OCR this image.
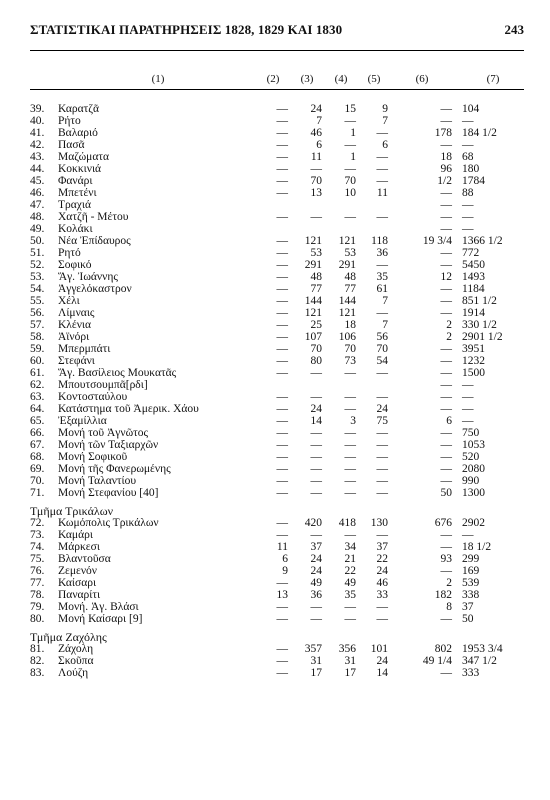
ΣΤΑΤΙΣΤΙΚΑΙ ΠΑΡΑΤΗΡΗΣΕΙΣ 1828, 1829 ΚΑΙ 1830	243
	(1)	(2)	(3)	(4)	(5)	(6)	(7)

39.	Καρατζᾶ	—	24	15	9	—	104
40.	Ρήτο	—	7	—	7	—	—
41.	Βαλαριό	—	46	1	—	178	184 1/2
42.	Πασᾶ	—	6	—	6	—	—
43.	Μαζώματα	—	11	1	—	18	68
44.	Κοκκινιά	—	—	—	—	96	180
45.	Φανάρι	—	70	70	—	1/2	1784
46.	Μπετένι	—	13	10	11	—	88
47.	Τραχιά					—	—
48.	Χατζῆ - Μέτου	—	—	—	—	—	—
49.	Κολάκι					—	—
50.	Νέα Ἐπίδαυρος	—	121	121	118	19 3/4	1366 1/2
51.	Ρητό	—	53	53	36	—	772
52.	Σοφικό	—	291	291	—	—	5450
53.	Ἅγ. Ἰωάννης	—	48	48	35	12	1493
54.	Ἀγγελόκαστρον	—	77	77	61	—	1184
55.	Χέλι	—	144	144	7	—	851 1/2
56.	Λίμναις	—	121	121	—	—	1914
57.	Κλένια	—	25	18	7	2	330 1/2
58.	Ἀϊνόρι	—	107	106	56	2	2901 1/2
59.	Μπερμπάτι	—	70	70	70	—	3951
60.	Στεφάνι	—	80	73	54	—	1232
61.	Ἅγ. Βασίλειος Μουκατᾶς	—	—	—	—	—	1500
62.	Μπουτσουμπᾶ[ρδι]					—	—
63.	Κοντοσταύλου	—	—	—	—	—	—
64.	Κατάστημα τοῦ Ἀμερικ. Χάου	—	24	—	24	—	—
65.	Ἐξαμίλλια	—	14	3	75	6	—
66.	Μονή τοῦ Ἀγνῶτος	—	—	—	—	—	750
67.	Μονή τῶν Ταξιαρχῶν	—	—	—	—	—	1053
68.	Μονή Σοφικοῦ	—	—	—	—	—	520
69.	Μονή τῆς Φανερωμένης	—	—	—	—	—	2080
70.	Μονή Ταλαντίου	—	—	—	—	—	990
71.	Μονή Στεφανίου [40]	—	—	—	—	50	1300
Τμῆμα Τρικάλων							
72.	Κωμόπολις Τρικάλων	—	420	418	130	676	2902
73.	Καμάρι	—	—	—	—	—	—
74.	Μάρκεσι	11	37	34	37	—	18 1/2
75.	Βλαντοῦσα	6	24	21	22	93	299
76.	Ζεμενόν	9	24	22	24	—	169
77.	Καίσαρι	—	49	49	46	2	539
78.	Παναρίτι	13	36	35	33	182	338
79.	Μονή. Ἁγ. Βλάσι	—	—	—	—	8	37
80.	Μονή Καίσαρι [9]	—	—	—	—	—	50
Τμῆμα Ζαχόλης							
81.	Ζάχολη	—	357	356	101	802	1953 3/4
82.	Σκοῦπα	—	31	31	24	49 1/4	347 1/2
83.	Λούζη	—	17	17	14	—	333
